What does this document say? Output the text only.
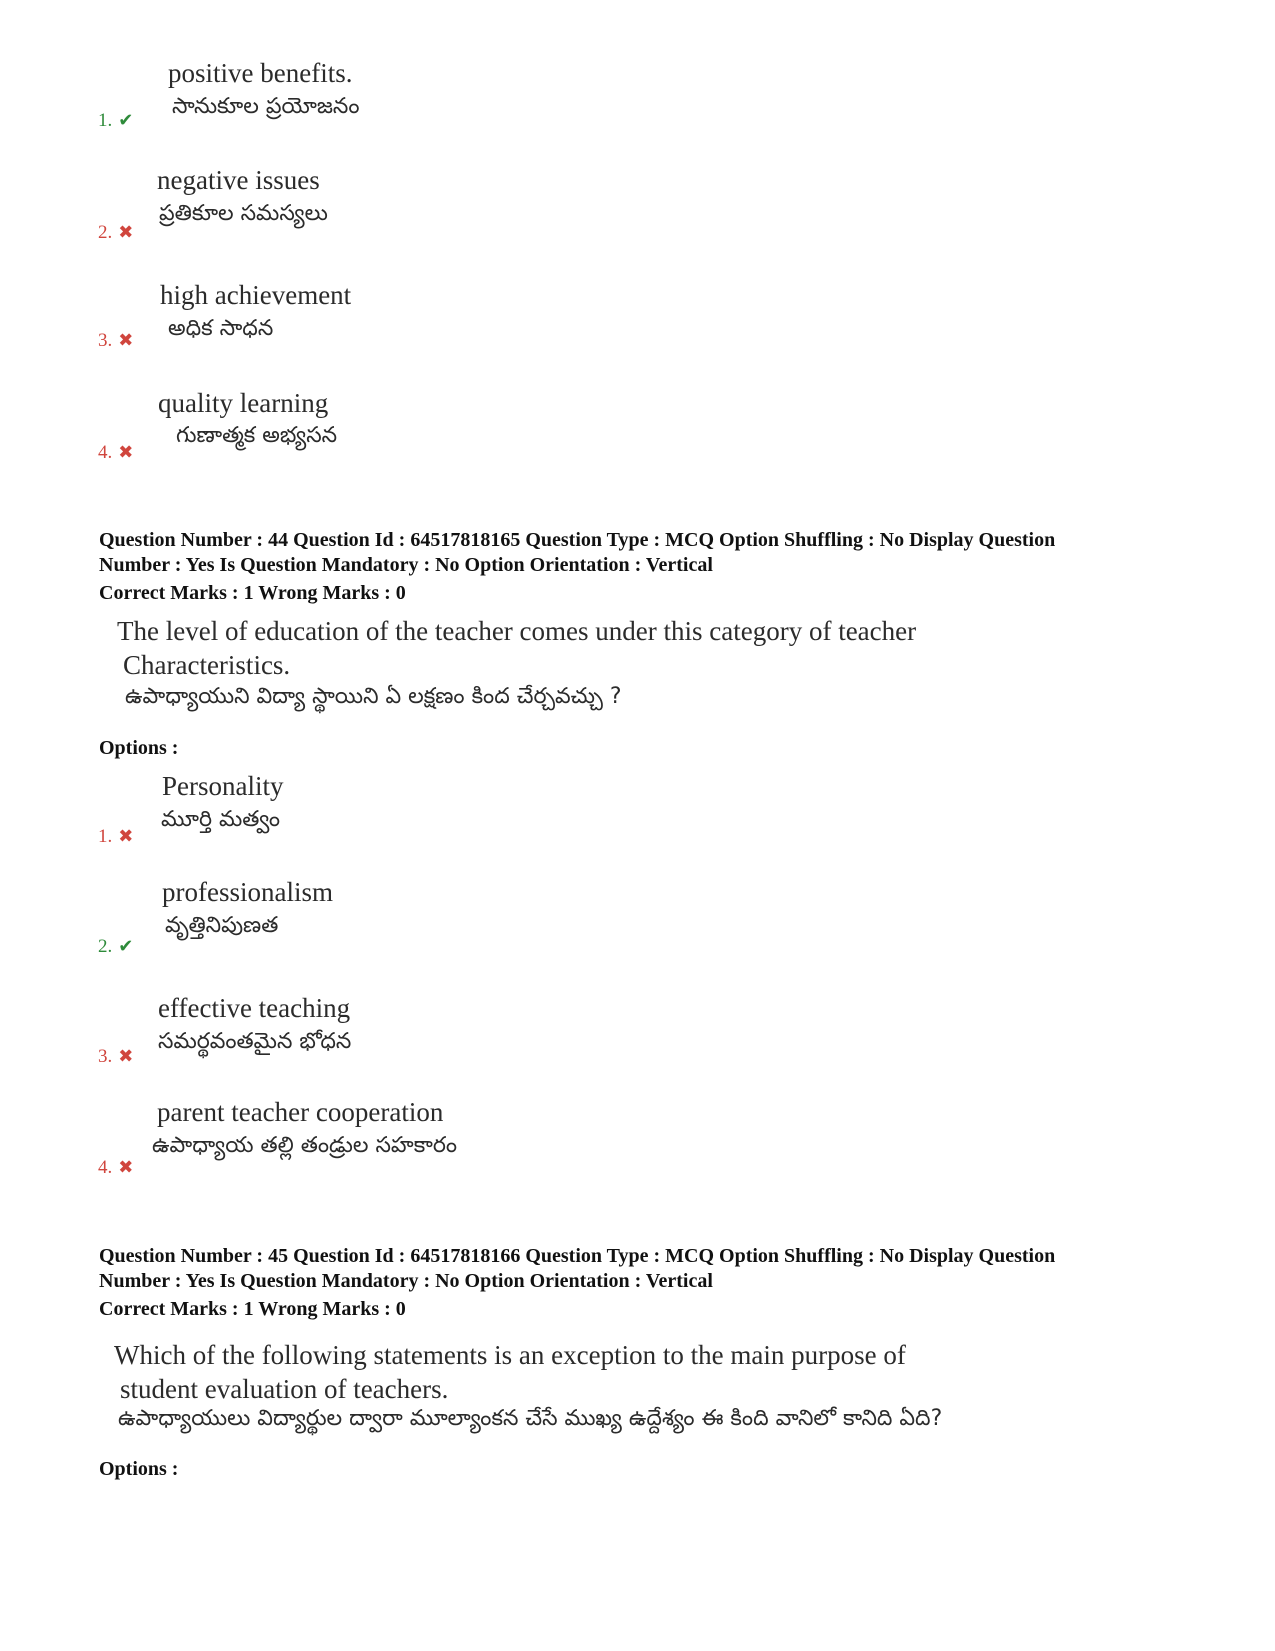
positive benefits.
సానుకూల ప్రయోజనం
1. ✔
negative issues
ప్రతికూల సమస్యలు
2. ✖
high achievement
అధిక సాధన
3. ✖
quality learning
గుణాత్మక అభ్యసన
4. ✖
Question Number : 44 Question Id : 64517818165 Question Type : MCQ Option Shuffling : No Display Question
Number : Yes Is Question Mandatory : No Option Orientation : Vertical
Correct Marks : 1 Wrong Marks : 0
The level of education of the teacher comes under this category of teacher
Characteristics.
ఉపాధ్యాయుని విద్యా స్థాయిని ఏ లక్షణం కింద చేర్చవచ్చు ?
Options :
Personality
మూర్తి మత్వం
1. ✖
professionalism
వృత్తినిపుణత
2. ✔
effective teaching
సమర్థవంతమైన భోధన
3. ✖
parent teacher cooperation
ఉపాధ్యాయ తల్లి తండ్రుల సహకారం
4. ✖
Question Number : 45 Question Id : 64517818166 Question Type : MCQ Option Shuffling : No Display Question
Number : Yes Is Question Mandatory : No Option Orientation : Vertical
Correct Marks : 1 Wrong Marks : 0
Which of the following statements is an exception to the main purpose of
student evaluation of teachers.
ఉపాధ్యాయులు విద్యార్థుల ద్వారా మూల్యాంకన చేసే ముఖ్య ఉద్దేశ్యం ఈ కింది వానిలో కానిది ఏది?
Options :
